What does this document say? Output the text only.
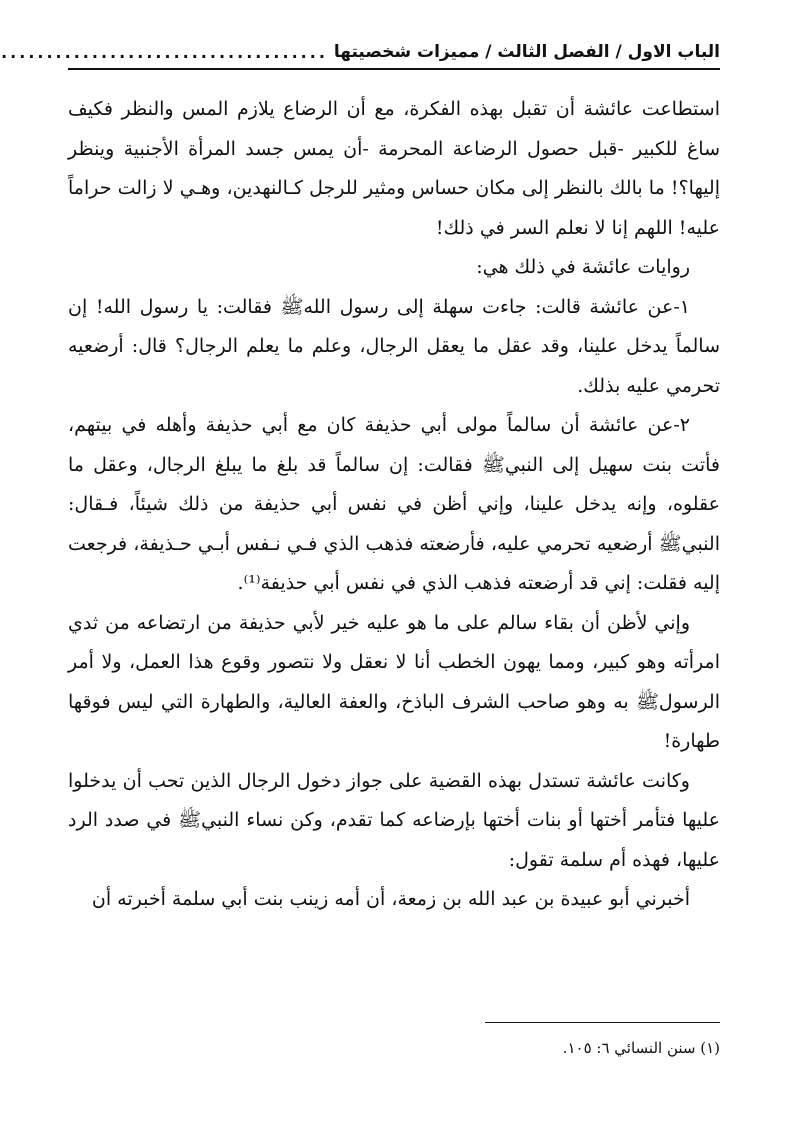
الباب الاول / الفصل الثالث / مميزات شخصيتها
....................................

استطاعت عائشة أن تقبل بهذه الفكرة، مع أن الرضاع يلازم المس والنظر فكيف ساغ للكبير -قبل حصول الرضاعة المحرمة -أن يمس جسد المرأة الأجنبية وينظر إليها؟! ما بالك بالنظر إلى مكان حساس ومثير للرجل كـالنهدين، وهـي لا زالت حراماً عليه! اللهم إنا لا نعلم السر في ذلك!

روايات عائشة في ذلك هي:

١-عن عائشة قالت: جاءت سهلة إلى رسول اللهﷺ فقالت: يا رسول الله! إن سالماً يدخل علينا، وقد عقل ما يعقل الرجال، وعلم ما يعلم الرجال؟ قال: أرضعيه تحرمي عليه بذلك.

٢-عن عائشة أن سالماً مولى أبي حذيفة كان مع أبي حذيفة وأهله في بيتهم، فأتت بنت سهيل إلى النبيﷺ فقالت: إن سالماً قد بلغ ما يبلغ الرجال، وعقل ما عقلوه، وإنه يدخل علينا، وإني أظن في نفس أبي حذيفة من ذلك شيئاً، فـقال: النبيﷺ أرضعيه تحرمي عليه، فأرضعته فذهب الذي فـي نـفس أبـي حـذيفة، فرجعت إليه فقلت: إني قد أرضعته فذهب الذي في نفس أبي حذيفة⁽¹⁾.

وإني لأظن أن بقاء سالم على ما هو عليه خير لأبي حذيفة من ارتضاعه من ثدي امرأته وهو كبير، ومما يهون الخطب أنا لا نعقل ولا نتصور وقوع هذا العمل، ولا أمر الرسولﷺ به وهو صاحب الشرف الباذخ، والعفة العالية، والطهارة التي ليس فوقها طهارة!

وكانت عائشة تستدل بهذه القضية على جواز دخول الرجال الذين تحب أن يدخلوا عليها فتأمر أختها أو بنات أختها بإرضاعه كما تقدم، وكن نساء النبيﷺ في صدد الرد عليها، فهذه أم سلمة تقول:

أخبرني أبو عبيدة بن عبد الله بن زمعة، أن أمه زينب بنت أبي سلمة أخبرته أن

(١) سنن النسائي ٦: ١٠٥.
